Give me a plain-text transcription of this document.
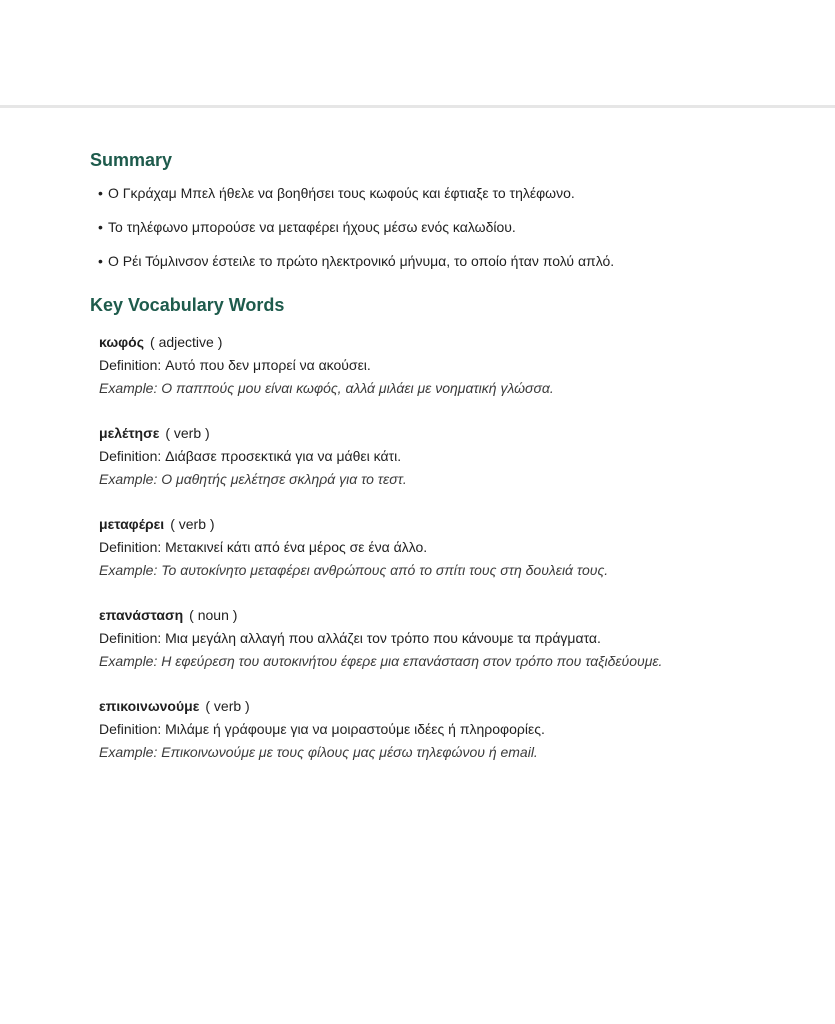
Summary
• Ο Γκράχαμ Μπελ ήθελε να βοηθήσει τους κωφούς και έφτιαξε το τηλέφωνο.
• Το τηλέφωνο μπορούσε να μεταφέρει ήχους μέσω ενός καλωδίου.
• Ο Ρέι Τόμλινσον έστειλε το πρώτο ηλεκτρονικό μήνυμα, το οποίο ήταν πολύ απλό.
Key Vocabulary Words
κωφός ( adjective )
Definition: Αυτό που δεν μπορεί να ακούσει.
Example: Ο παππούς μου είναι κωφός, αλλά μιλάει με νοηματική γλώσσα.
μελέτησε ( verb )
Definition: Διάβασε προσεκτικά για να μάθει κάτι.
Example: Ο μαθητής μελέτησε σκληρά για το τεστ.
μεταφέρει ( verb )
Definition: Μετακινεί κάτι από ένα μέρος σε ένα άλλο.
Example: Το αυτοκίνητο μεταφέρει ανθρώπους από το σπίτι τους στη δουλειά τους.
επανάσταση ( noun )
Definition: Μια μεγάλη αλλαγή που αλλάζει τον τρόπο που κάνουμε τα πράγματα.
Example: Η εφεύρεση του αυτοκινήτου έφερε μια επανάσταση στον τρόπο που ταξιδεύουμε.
επικοινωνούμε ( verb )
Definition: Μιλάμε ή γράφουμε για να μοιραστούμε ιδέες ή πληροφορίες.
Example: Επικοινωνούμε με τους φίλους μας μέσω τηλεφώνου ή email.
